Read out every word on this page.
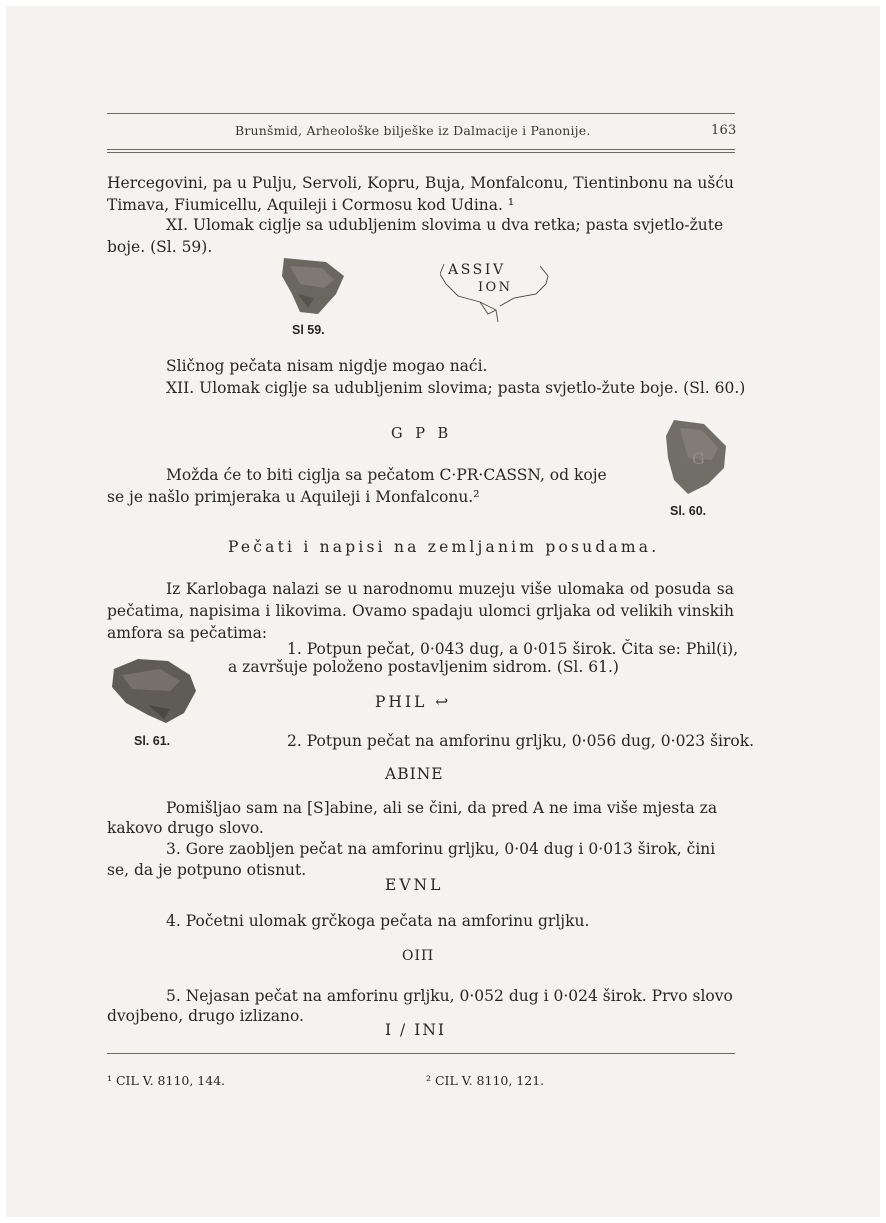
Brunšmid, Arheološke bilješke iz Dalmacije i Panonije.	163
Hercegovini, pa u Pulju, Servoli, Kopru, Buja, Monfalconu, Tientinbonu na ušću Timava, Fiumicellu, Aquileji i Cormosu kod Udina. ¹
XI. Ulomak ciglje sa udubljenim slovima u dva retka; pasta svjetlo-žute
boje. (Sl. 59).
Sl 59.
ASSIV
ION
Sličnog pečata nisam nigdje mogao naći.
XII. Ulomak ciglje sa udubljenim slovima; pasta svjetlo-žute boje. (Sl. 60.)
G P B
Možda će to biti ciglja sa pečatom C·PR·CASSN, od koje
se je našlo primjeraka u Aquileji i Monfalconu.²
G
Sl. 60.
Pečati i napisi na zemljanim posudama.
Iz Karlobaga nalazi se u narodnomu muzeju više ulomaka od posuda sa pečatima, napisima i likovima. Ovamo spadaju ulomci grljaka od velikih vinskih amfora sa pečatima:
1. Potpun pečat, 0·043 dug, a 0·015 širok. Čita se: Phil(i),
a završuje položeno postavljenim sidrom. (Sl. 61.)
Sl. 61.
PHIL ↩
2. Potpun pečat na amforinu grljku, 0·056 dug, 0·023 širok.
ABINE
Pomišljao sam na [S]abine, ali se čini, da pred A ne ima više mjesta za
kakovo drugo slovo.
3. Gore zaobljen pečat na amforinu grljku, 0·04 dug i 0·013 širok, čini
se, da je potpuno otisnut.
EVNL
4. Početni ulomak grčkoga pečata na amforinu grljku.
ΟΙΠ
5. Nejasan pečat na amforinu grljku, 0·052 dug i 0·024 širok. Prvo slovo
dvojbeno, drugo izlizano.
I / INI
¹ CIL V. 8110, 144.	² CIL V. 8110, 121.
